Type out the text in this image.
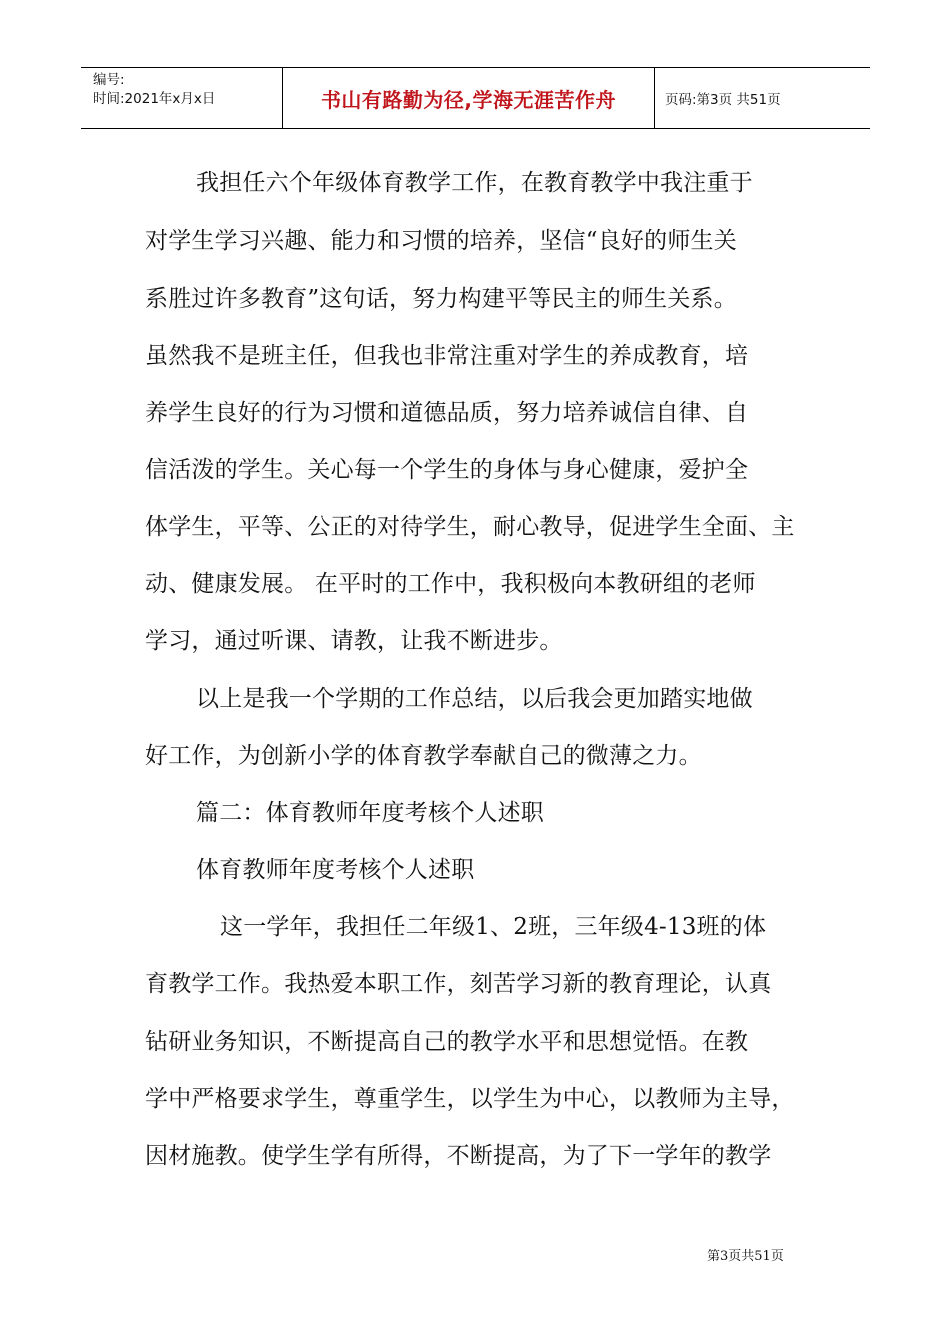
编号:
时间:2021年x月x日	书山有路勤为径,学海无涯苦作舟	页码:第3页 共51页
我担任六个年级体育教学工作，在教育教学中我注重于
对学生学习兴趣、能力和习惯的培养，坚信“良好的师生关
系胜过许多教育”这句话，努力构建平等民主的师生关系。
虽然我不是班主任，但我也非常注重对学生的养成教育，培
养学生良好的行为习惯和道德品质，努力培养诚信自律、自
信活泼的学生。关心每一个学生的身体与身心健康，爱护全
体学生，平等、公正的对待学生，耐心教导，促进学生全面、主
动、健康发展。 在平时的工作中，我积极向本教研组的老师
学习，通过听课、请教，让我不断进步。
以上是我一个学期的工作总结，以后我会更加踏实地做
好工作，为创新小学的体育教学奉献自己的微薄之力。
篇二：体育教师年度考核个人述职
体育教师年度考核个人述职
这一学年，我担任二年级1、2班，三年级4-13班的体
育教学工作。我热爱本职工作，刻苦学习新的教育理论，认真
钻研业务知识，不断提高自己的教学水平和思想觉悟。在教
学中严格要求学生，尊重学生，以学生为中心，以教师为主导，
因材施教。使学生学有所得，不断提高，为了下一学年的教学
第3页共51页
